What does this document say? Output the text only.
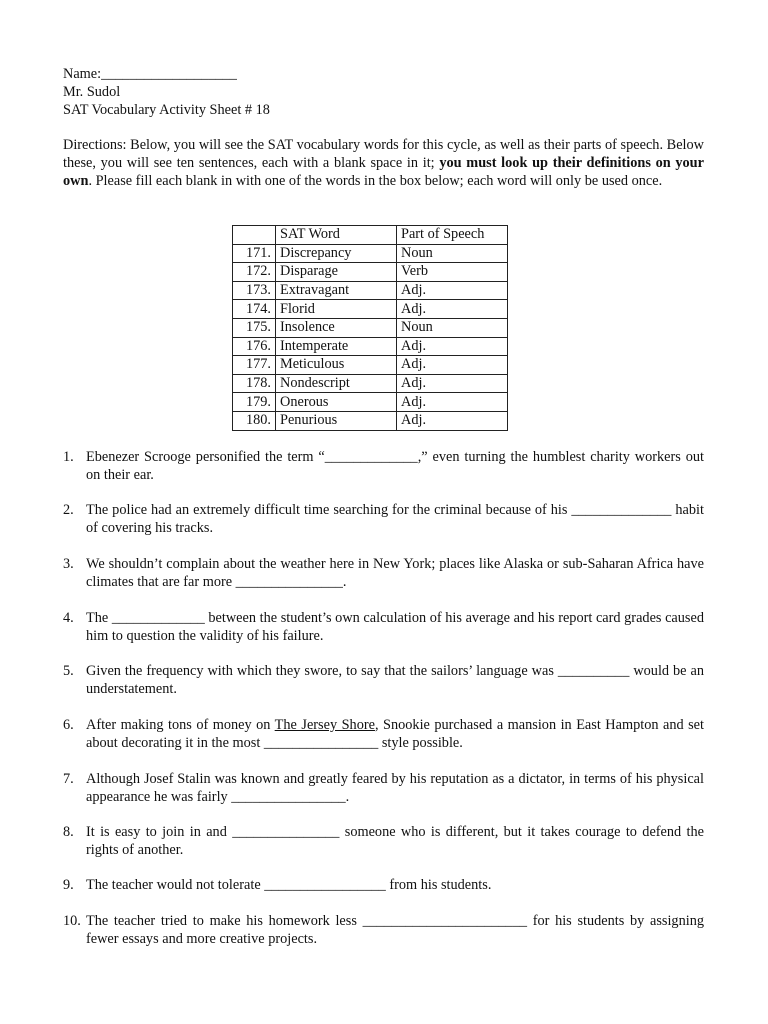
Name:___________________
Mr. Sudol
SAT Vocabulary Activity Sheet # 18
Directions: Below, you will see the SAT vocabulary words for this cycle, as well as their parts of speech. Below these, you will see ten sentences, each with a blank space in it; you must look up their definitions on your own. Please fill each blank in with one of the words in the box below; each word will only be used once.
	SAT Word	Part of Speech
171.	Discrepancy	Noun
172.	Disparage	Verb
173.	Extravagant	Adj.
174.	Florid	Adj.
175.	Insolence	Noun
176.	Intemperate	Adj.
177.	Meticulous	Adj.
178.	Nondescript	Adj.
179.	Onerous	Adj.
180.	Penurious	Adj.
1. Ebenezer Scrooge personified the term “_____________,” even turning the humblest charity workers out on their ear.
2. The police had an extremely difficult time searching for the criminal because of his ______________ habit of covering his tracks.
3. We shouldn’t complain about the weather here in New York; places like Alaska or sub-Saharan Africa have climates that are far more _______________.
4. The _____________ between the student’s own calculation of his average and his report card grades caused him to question the validity of his failure.
5. Given the frequency with which they swore, to say that the sailors’ language was __________ would be an understatement.
6. After making tons of money on The Jersey Shore, Snookie purchased a mansion in East Hampton and set about decorating it in the most ________________ style possible.
7. Although Josef Stalin was known and greatly feared by his reputation as a dictator, in terms of his physical appearance he was fairly ________________.
8. It is easy to join in and _______________ someone who is different, but it takes courage to defend the rights of another.
9. The teacher would not tolerate _________________ from his students.
10. The teacher tried to make his homework less _______________________ for his students by assigning fewer essays and more creative projects.
